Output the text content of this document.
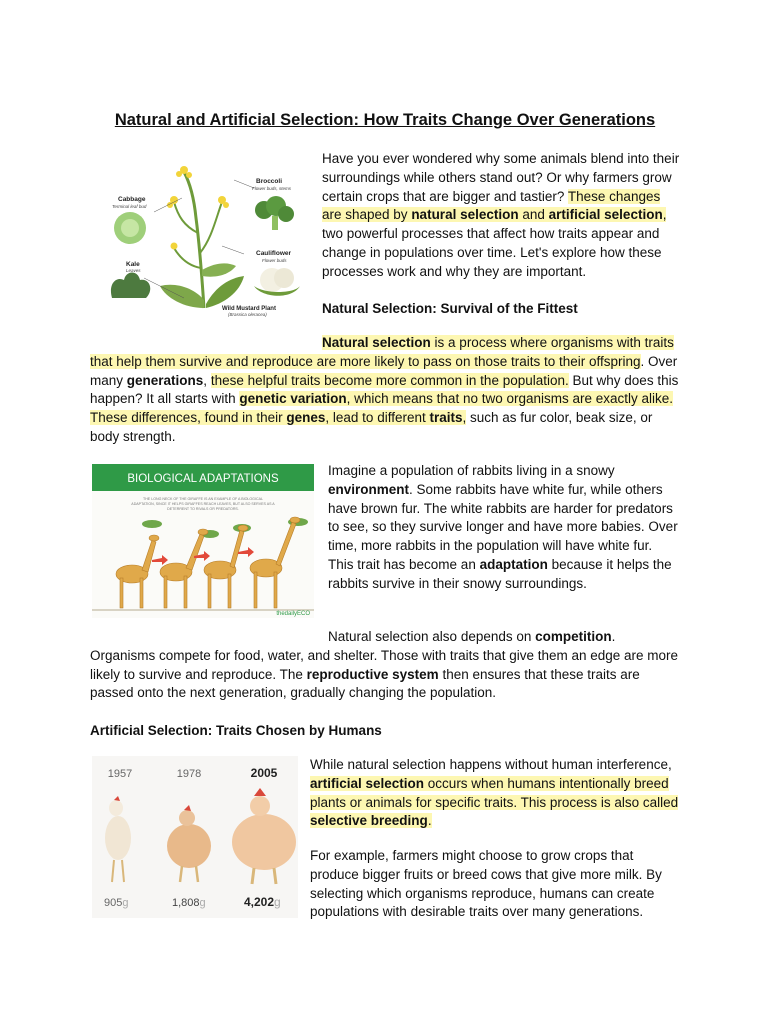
Natural and Artificial Selection: How Traits Change Over Generations
Broccoli
Flower buds, stems
Cabbage
Terminal leaf bud
Cauliflower
Flower buds
Kale
Leaves
Wild Mustard Plant
(Brassica oleracea)

Have you ever wondered why some animals blend into their surroundings while others stand out? Or why farmers grow certain crops that are bigger and tastier? These changes are shaped by natural selection and artificial selection, two powerful processes that affect how traits appear and change in populations over time. Let's explore how these processes work and why they are important.

Natural Selection: Survival of the Fittest

Natural selection is a process where organisms with traits that help them survive and reproduce are more likely to pass on those traits to their offspring. Over many generations, these helpful traits become more common in the population. But why does this happen? It all starts with genetic variation, which means that no two organisms are exactly alike. These differences, found in their genes, lead to different traits, such as fur color, beak size, or body strength.

BIOLOGICAL ADAPTATIONS
THE LONG NECK OF THE GIRAFFE IS AN EXAMPLE OF A BIOLOGICAL
ADAPTATION, SINCE IT HELPS GIRAFFES REACH LEAVES, BUT ALSO SERVES AS A
DETERRENT TO RIVALS OR PREDATORS.
thedailyECO

Imagine a population of rabbits living in a snowy environment. Some rabbits have white fur, while others have brown fur. The white rabbits are harder for predators to see, so they survive longer and have more babies. Over time, more rabbits in the population will have white fur. This trait has become an adaptation because it helps the rabbits survive in their snowy surroundings.

Natural selection also depends on competition. Organisms compete for food, water, and shelter. Those with traits that give them an edge are more likely to survive and reproduce. The reproductive system then ensures that these traits are passed onto the next generation, gradually changing the population.

Artificial Selection: Traits Chosen by Humans
1957	1978	2005
905g	1,808g	4,202g

While natural selection happens without human interference, artificial selection occurs when humans intentionally breed plants or animals for specific traits. This process is also called selective breeding.

For example, farmers might choose to grow crops that produce bigger fruits or breed cows that give more milk. By selecting which organisms reproduce, humans can create populations with desirable traits over many generations.
